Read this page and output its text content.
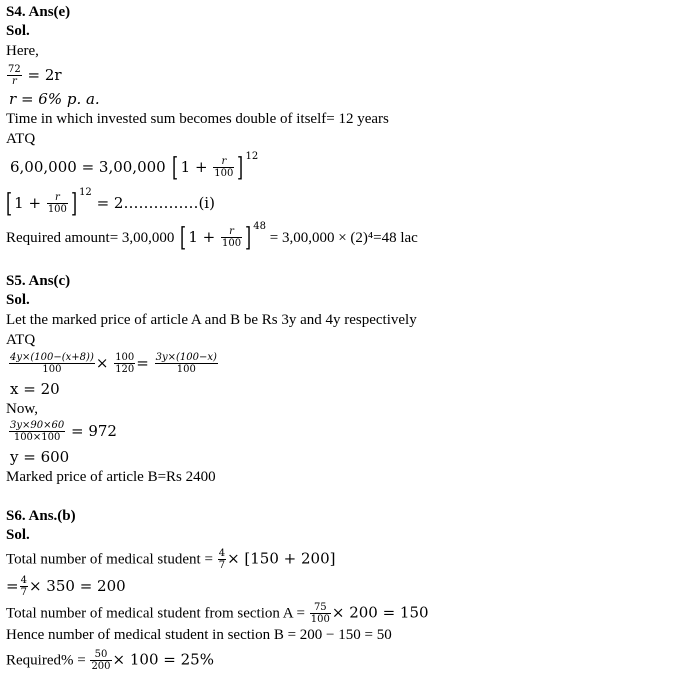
S4. Ans(e)
Sol.
Here,
$\frac{72}{r} = 2r$
r = 6% p. a.
Time in which invested sum becomes double of itself= 12 years
ATQ
6,00,000 = 3,00,000 [ $1 + \frac{r}{100}$ ] $^{12}$
[ $1 + \frac{r}{100}$ ] $^{12}$ = 2……………(i)
Required amount= 3,00,000 [ $1 + \frac{r}{100}$ ] $^{48}$ = 3,00,000 × (2)⁴=48 lac
S5. Ans(c)
Sol.
Let the marked price of article A and B be Rs 3y and 4y respectively
ATQ
$\frac{4y\times(100-(x+8))}{100} \times \frac{100}{120} = \frac{3y\times(100-x)}{100}$
x = 20
Now,
$\frac{3y\times 90\times 60}{100\times 100} = 972$
y = 600
Marked price of article B=Rs 2400
S6. Ans.(b)
Sol.
Total number of medical student = $\frac{4}{7} \times [150 + 200]$
= $\frac{4}{7} \times 350 = 200$
Total number of medical student from section $A = \frac{75}{100} \times 200 = 150$
Hence number of medical student in section B = 200 − 150 = 50
Required% = $\frac{50}{200} \times 100 = 25\%$
